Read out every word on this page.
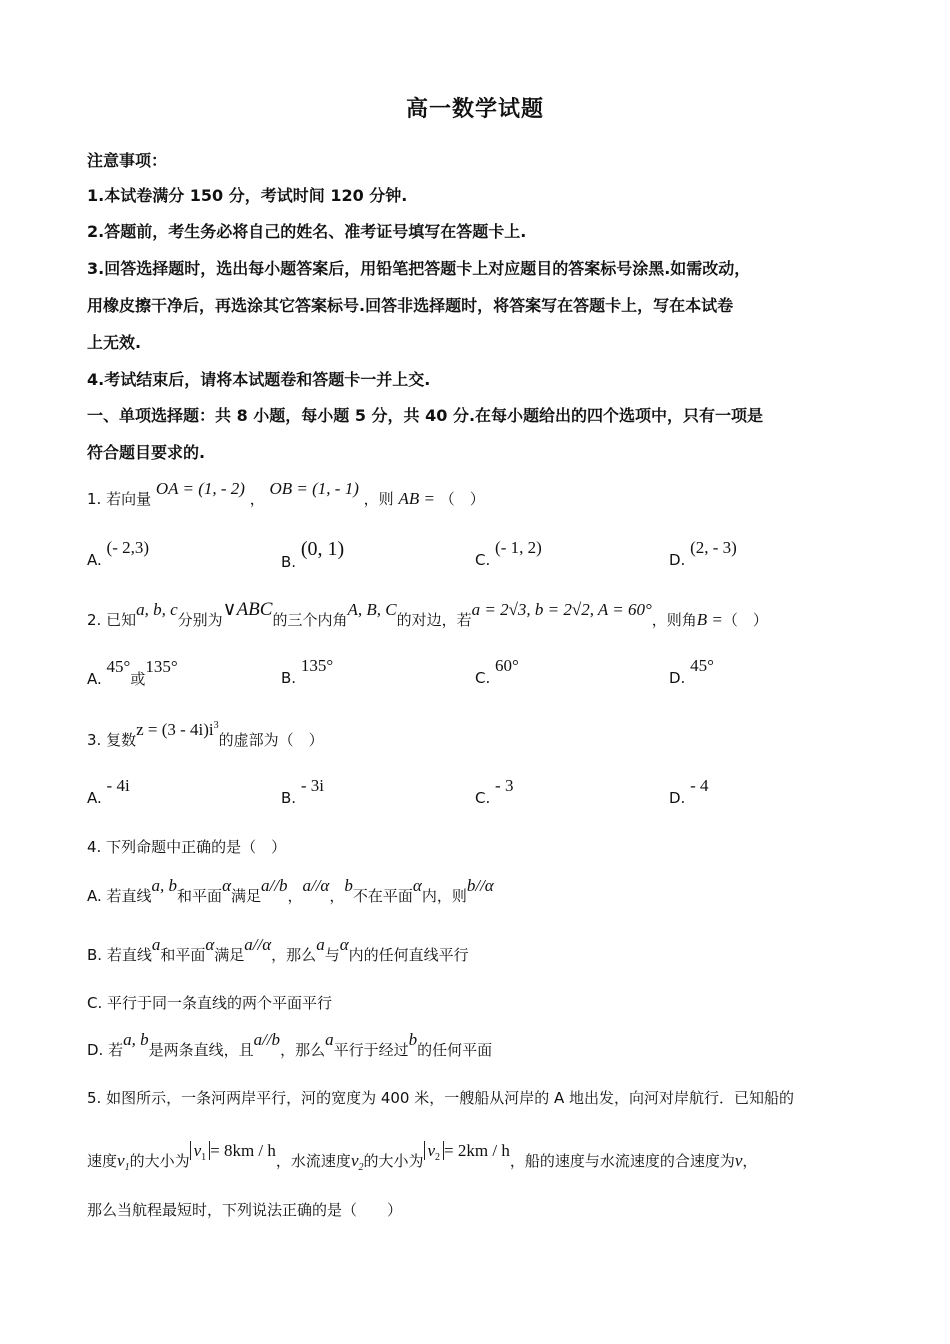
高一数学试题
注意事项：
1.本试卷满分 150 分，考试时间 120 分钟.
2.答题前，考生务必将自己的姓名、准考证号填写在答题卡上.
3.回答选择题时，选出每小题答案后，用铅笔把答题卡上对应题目的答案标号涂黑.如需改动，
用橡皮擦干净后，再选涂其它答案标号.回答非选择题时，将答案写在答题卡上，写在本试卷
上无效.
4.考试结束后，请将本试题卷和答题卡一并上交.
一、单项选择题：共 8 小题，每小题 5 分，共 40 分.在每小题给出的四个选项中，只有一项是
符合题目要求的.
1. 若向量 OA = (1, - 2) ， OB = (1, - 1) ，则 AB = （　）
A. (- 2,3)
B. (0, 1)	C. (- 1, 2)
D. (2, - 3)
2. 已知a, b, c分别为∨ABC的三个内角A, B, C的对边，若a = 2√3, b = 2√2, A = 60°，则角B =（　）
A. 45°或135°
B. 135°
C. 60°
D. 45°
3. 复数$z = (3 - 4i)i^3$的虚部为（　）
A. - 4i
B. - 3i
C. - 3
D. - 4
4. 下列命题中正确的是（　）
A. 若直线a, b和平面α满足a//b，a//α，b不在平面α内，则b//α
B. 若直线a和平面α满足a//α，那么a与α内的任何直线平行
C. 平行于同一条直线的两个平面平行
D. 若a, b是两条直线，且a//b，那么a平行于经过b的任何平面
5. 如图所示，一条河两岸平行，河的宽度为 400 米，一艘船从河岸的 A 地出发，向河对岸航行．已知船的
速度$v_1$的大小为$v_1 = 8km / h$，水流速度$v_2$的大小为$v_2 = 2km / h$，船的速度与水流速度的合速度为v，
那么当航程最短时，下列说法正确的是（　　）
